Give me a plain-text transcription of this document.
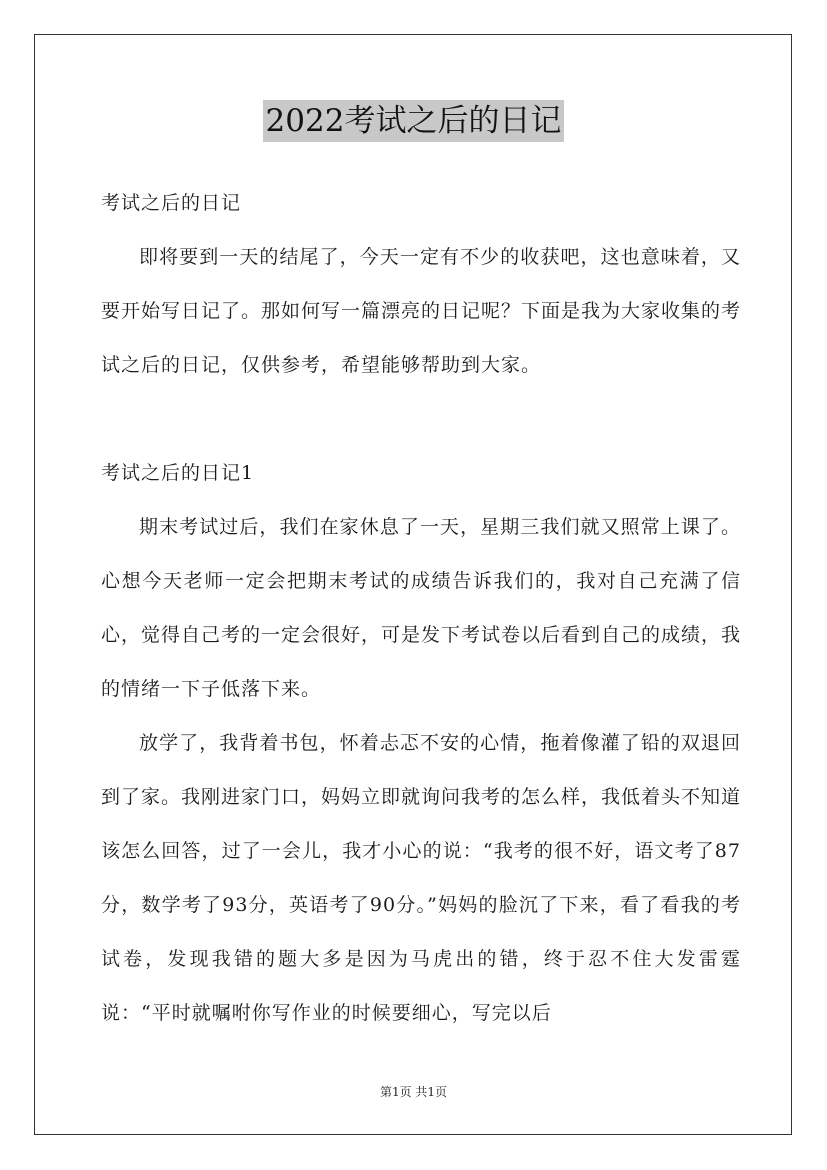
2022考试之后的日记

考试之后的日记

即将要到一天的结尾了，今天一定有不少的收获吧，这也意味着，又要开始写日记了。那如何写一篇漂亮的日记呢？下面是我为大家收集的考试之后的日记，仅供参考，希望能够帮助到大家。

考试之后的日记1

期末考试过后，我们在家休息了一天，星期三我们就又照常上课了。心想今天老师一定会把期末考试的成绩告诉我们的，我对自己充满了信心，觉得自己考的一定会很好，可是发下考试卷以后看到自己的成绩，我的情绪一下子低落下来。

放学了，我背着书包，怀着忐忑不安的心情，拖着像灌了铅的双退回到了家。我刚进家门口，妈妈立即就询问我考的怎么样，我低着头不知道该怎么回答，过了一会儿，我才小心的说：“我考的很不好，语文考了87分，数学考了93分，英语考了90分。”妈妈的脸沉了下来，看了看我的考试卷，发现我错的题大多是因为马虎出的错，终于忍不住大发雷霆说：“平时就嘱咐你写作业的时候要细心，写完以后

第1页 共1页
